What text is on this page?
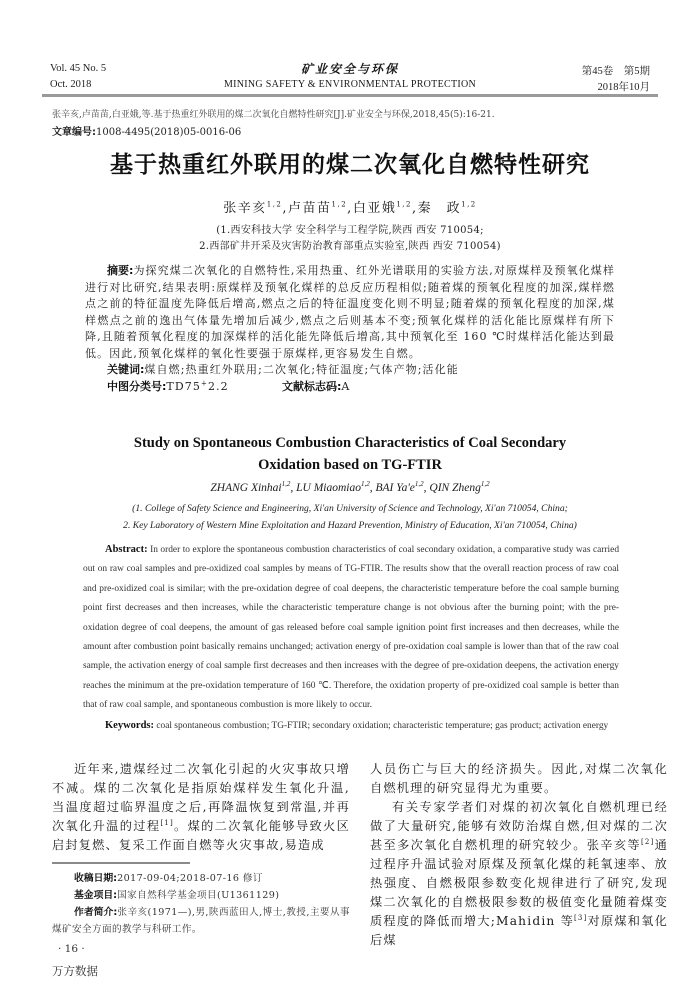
Vol. 45 No. 5
Oct. 2018
矿业安全与环保
MINING SAFETY & ENVIRONMENTAL PROTECTION
第45卷　第5期
2018年10月
张辛亥,卢苗苗,白亚娥,等.基于热重红外联用的煤二次氧化自燃特性研究[J].矿业安全与环保,2018,45(5):16-21.
文章编号:1008-4495(2018)05-0016-06
基于热重红外联用的煤二次氧化自燃特性研究
张辛亥$^{1,2}$,卢苗苗$^{1,2}$,白亚娥$^{1,2}$,秦　政$^{1,2}$
(1.西安科技大学 安全科学与工程学院,陕西 西安 710054;
2.西部矿井开采及灾害防治教育部重点实验室,陕西 西安 710054)
摘要:为探究煤二次氧化的自燃特性,采用热重、红外光谱联用的实验方法,对原煤样及预氧化煤样进行对比研究,结果表明:原煤样及预氧化煤样的总反应历程相似;随着煤的预氧化程度的加深,煤样燃点之前的特征温度先降低后增高,燃点之后的特征温度变化则不明显;随着煤的预氧化程度的加深,煤样燃点之前的逸出气体量先增加后减少,燃点之后则基本不变;预氧化煤样的活化能比原煤样有所下降,且随着预氧化程度的加深煤样的活化能先降低后增高,其中预氧化至 160 ℃时煤样活化能达到最低。因此,预氧化煤样的氧化性要强于原煤样,更容易发生自燃。
关键词:煤自燃;热重红外联用;二次氧化;特征温度;气体产物;活化能
中图分类号:TD75+2.2	文献标志码:A
Study on Spontaneous Combustion Characteristics of Coal Secondary
Oxidation based on TG-FTIR
ZHANG Xinhai$^{1,2}$, LU Miaomiao$^{1,2}$, BAI $Ya'e^{1,2}$, QIN Zheng$^{1,2}$
(1. College of Safety Science and Engineering, Xi'an University of Science and Technology, Xi'an 710054, China;
2. Key Laboratory of Western Mine Exploitation and Hazard Prevention, Ministry of Education, Xi'an 710054, China)
Abstract: In order to explore the spontaneous combustion characteristics of coal secondary oxidation, a comparative study was carried out on raw coal samples and pre-oxidized coal samples by means of TG-FTIR. The results show that the overall reaction process of raw coal and pre-oxidized coal is similar; with the pre-oxidation degree of coal deepens, the characteristic temperature before the coal sample burning point first decreases and then increases, while the characteristic temperature change is not obvious after the burning point; with the pre-oxidation degree of coal deepens, the amount of gas released before coal sample ignition point first increases and then decreases, while the amount after combustion point basically remains unchanged; activation energy of pre-oxidation coal sample is lower than that of the raw coal sample, the activation energy of coal sample first decreases and then increases with the degree of pre-oxidation deepens, the activation energy reaches the minimum at the pre-oxidation temperature of 160 ℃. Therefore, the oxidation property of pre-oxidized coal sample is better than that of raw coal sample, and spontaneous combustion is more likely to occur.
Keywords: coal spontaneous combustion; TG-FTIR; secondary oxidation; characteristic temperature; gas product; activation energy
近年来,遗煤经过二次氧化引起的火灾事故只增不减。煤的二次氧化是指原始煤样发生氧化升温,当温度超过临界温度之后,再降温恢复到常温,并再次氧化升温的过程[1]。煤的二次氧化能够导致火区启封复燃、复采工作面自燃等火灾事故,易造成
收稿日期:2017-09-04;2018-07-16 修订
基金项目:国家自然科学基金项目(U1361129)
作者简介:张辛亥(1971—),男,陕西蓝田人,博士,教授,主要从事煤矿安全方面的教学与科研工作。
· 16 ·
万方数据
人员伤亡与巨大的经济损失。因此,对煤二次氧化自燃机理的研究显得尤为重要。
有关专家学者们对煤的初次氧化自燃机理已经做了大量研究,能够有效防治煤自燃,但对煤的二次甚至多次氧化自燃机理的研究较少。张辛亥等[2]通过程序升温试验对原煤及预氧化煤的耗氧速率、放热强度、自燃极限参数变化规律进行了研究,发现煤二次氧化的自燃极限参数的极值变化量随着煤变质程度的降低而增大;Mahidin 等[3]对原煤和氧化后煤
